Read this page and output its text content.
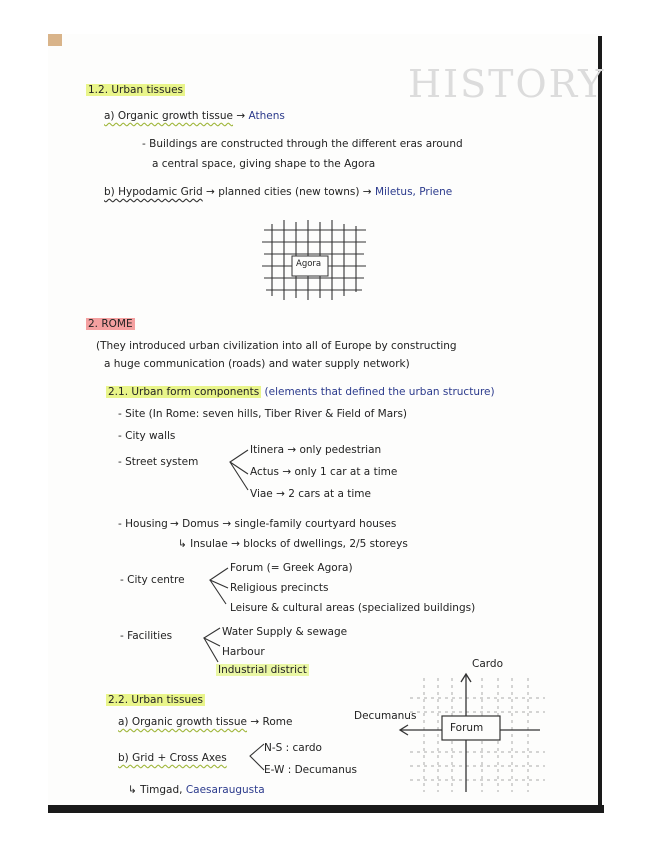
HISTORY
1.2. Urban tissues
a) Organic growth tissue → Athens
- Buildings are constructed through the different eras around
a central space, giving shape to the Agora
b) Hypodamic Grid → planned cities (new towns) → Miletus, Priene
Agora
2. ROME
(They introduced urban civilization into all of Europe by constructing
a huge communication (roads) and water supply network)
2.1. Urban form components (elements that defined the urban structure)
- Site (In Rome: seven hills, Tiber River & Field of Mars)
- City walls
- Street system
Itinera → only pedestrian
Actus → only 1 car at a time
Viae → 2 cars at a time
- Housing → Domus → single-family courtyard houses
↳ Insulae → blocks of dwellings, 2/5 storeys
- City centre
Forum (= Greek Agora)
Religious precincts
Leisure & cultural areas (specialized buildings)
- Facilities	Water Supply & sewage
Harbour
Industrial district
2.2. Urban tissues
a) Organic growth tissue → Rome
b) Grid + Cross Axes
N-S : cardo
E-W : Decumanus
↳ Timgad, Caesaraugusta
Cardo
Decumanus
Forum
